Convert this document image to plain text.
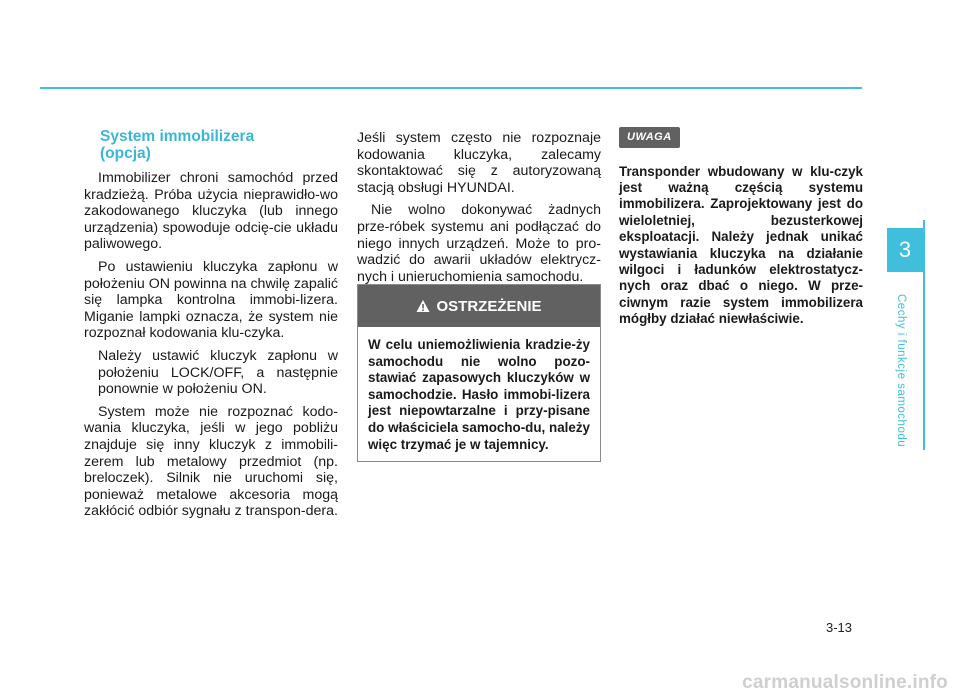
System immobilizera
(opcja)

Immobilizer chroni samochód przed kradzieżą. Próba użycia nieprawidło-wo zakodowanego kluczyka (lub innego urządzenia) spowoduje odcię-cie układu paliwowego.

Po ustawieniu kluczyka zapłonu w położeniu ON powinna na chwilę zapalić się lampka kontrolna immobi-lizera. Miganie lampki oznacza, że system nie rozpoznał kodowania klu-czyka.

Należy ustawić kluczyk zapłonu w położeniu LOCK/OFF, a następnie ponownie w położeniu ON.

System może nie rozpoznać kodo-wania kluczyka, jeśli w jego pobliżu znajduje się inny kluczyk z immobili-zerem lub metalowy przedmiot (np. breloczek). Silnik nie uruchomi się, ponieważ metalowe akcesoria mogą zakłócić odbiór sygnału z transpon-dera.

Jeśli system często nie rozpoznaje kodowania kluczyka, zalecamy skontaktować się z autoryzowaną stacją obsługi HYUNDAI.

Nie wolno dokonywać żadnych prze-róbek systemu ani podłączać do niego innych urządzeń. Może to pro-wadzić do awarii układów elektrycz-nych i unieruchomienia samochodu.

OSTRZEŻENIE
W celu uniemożliwienia kradzie-ży samochodu nie wolno pozo-stawiać zapasowych kluczyków w samochodzie. Hasło immobi-lizera jest niepowtarzalne i przy-pisane do właściciela samocho-du, należy więc trzymać je w tajemnicy.
UWAGA
Transponder wbudowany w klu-czyk jest ważną częścią systemu immobilizera. Zaprojektowany jest do wieloletniej, bezusterkowej eksploatacji. Należy jednak unikać wystawiania kluczyka na działanie wilgoci i ładunków elektrostatycz-nych oraz dbać o niego. W prze-ciwnym razie system immobilizera mógłby działać niewłaściwie.
3
Cechy i funkcje samochodu
3-13
carmanualsonline.info
